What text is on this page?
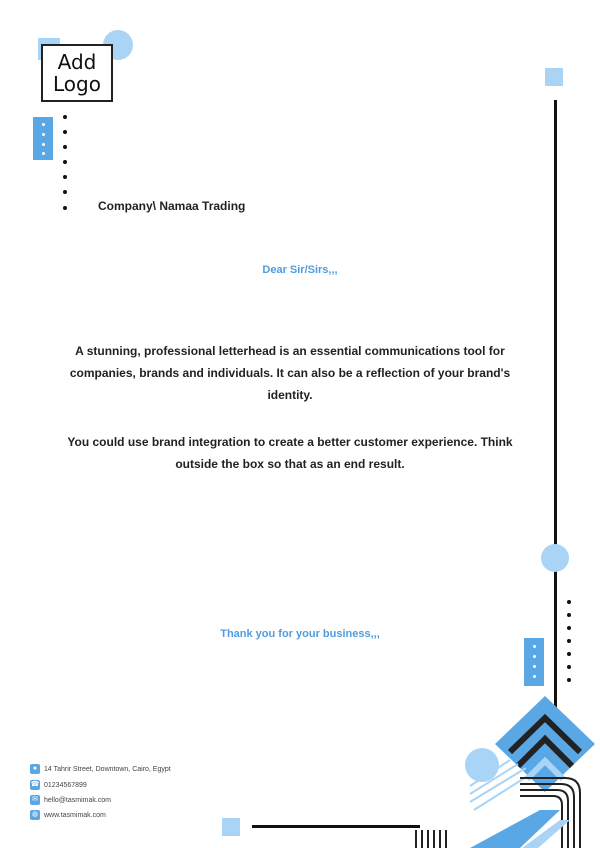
Add
Logo
Company\ Namaa Trading
Dear Sir/Sirs,,,
A stunning, professional letterhead is an essential communications tool for companies, brands and individuals. It can also be a reflection of your brand's identity.
You could use brand integration to create a better customer experience. Think outside the box so that as an end result.
Thank you for your business,,,
● 14 Tahrir Street, Downtown, Cairo, Egypt
☎ 01234567899
✉ hello@tasmimak.com
◍ www.tasmimak.com
